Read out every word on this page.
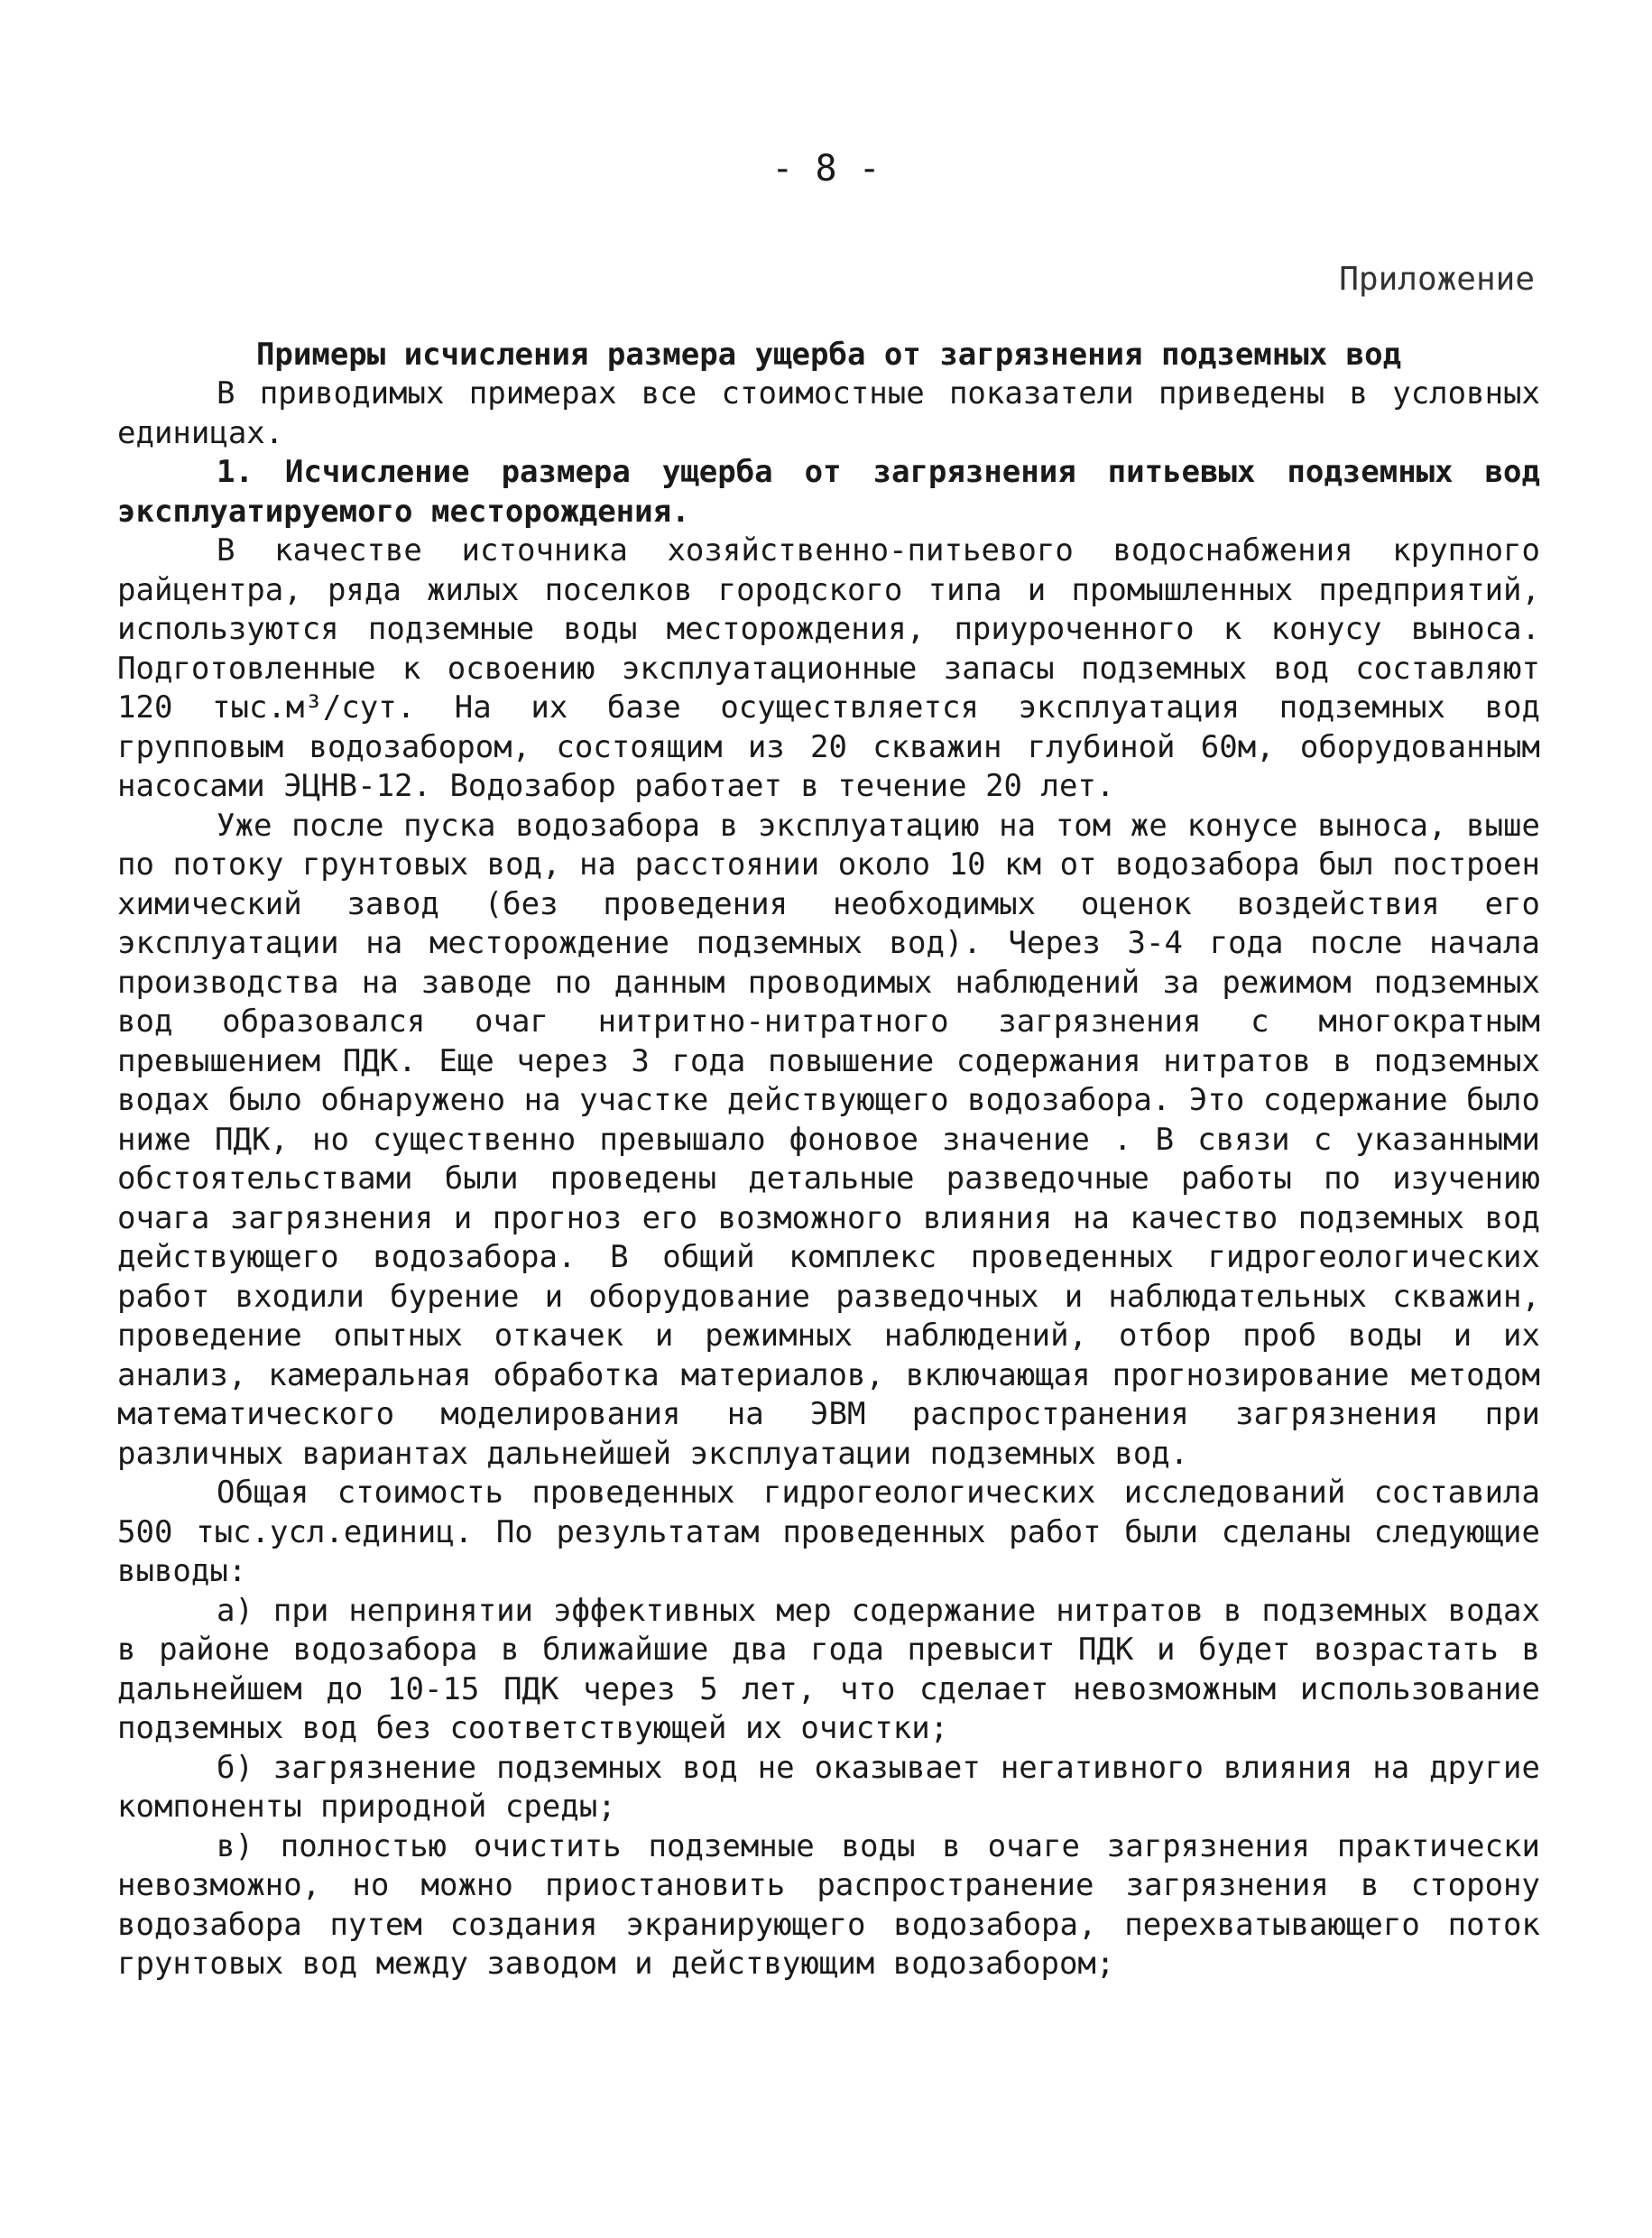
- 8 -
Приложение

Примеры исчисления размера ущерба от загрязнения подземных вод

В приводимых примерах все стоимостные показатели приведены в условных единицах.

1. Исчисление размера ущерба от загрязнения питьевых подземных вод эксплуатируемого месторождения.

В качестве источника хозяйственно-питьевого водоснабжения крупного райцентра, ряда жилых поселков городского типа и промышленных предприятий, используются подземные воды месторождения, приуроченного к конусу выноса. Подготовленные к освоению эксплуатационные запасы подземных вод составляют 120 тыс.м³/сут. На их базе осуществляется эксплуатация подземных вод групповым водозабором, состоящим из 20 скважин глубиной 60м, оборудованным насосами ЭЦНВ-12. Водозабор работает в течение 20 лет.

Уже после пуска водозабора в эксплуатацию на том же конусе выноса, выше по потоку грунтовых вод, на расстоянии около 10 км от водозабора был построен химический завод (без проведения необходимых оценок воздействия его эксплуатации на месторождение подземных вод). Через 3-4 года после начала производства на заводе по данным проводимых наблюдений за режимом подземных вод образовался очаг нитритно-нитратного загрязнения с многократным превышением ПДК. Еще через 3 года повышение содержания нитратов в подземных водах было обнаружено на участке действующего водозабора. Это содержание было ниже ПДК, но существенно превышало фоновое значение . В связи с указанными обстоятельствами были проведены детальные разведочные работы по изучению очага загрязнения и прогноз его возможного влияния на качество подземных вод действующего водозабора. В общий комплекс проведенных гидрогеологических работ входили бурение и оборудование разведочных и наблюдательных скважин, проведение опытных откачек и режимных наблюдений, отбор проб воды и их анализ, камеральная обработка материалов, включающая прогнозирование методом математического моделирования на ЭВМ распространения загрязнения при различных вариантах дальнейшей эксплуатации подземных вод.

Общая стоимость проведенных гидрогеологических исследований составила 500 тыс.усл.единиц. По результатам проведенных работ были сделаны следующие выводы:

а) при непринятии эффективных мер содержание нитратов в подземных водах в районе водозабора в ближайшие два года превысит ПДК и будет возрастать в дальнейшем до 10-15 ПДК через 5 лет, что сделает невозможным использование подземных вод без соответствующей их очистки;

б) загрязнение подземных вод не оказывает негативного влияния на другие компоненты природной среды;

в) полностью очистить подземные воды в очаге загрязнения практически невозможно, но можно приостановить распространение загрязнения в сторону водозабора путем создания экранирующего водозабора, перехватывающего поток грунтовых вод между заводом и действующим водозабором;
